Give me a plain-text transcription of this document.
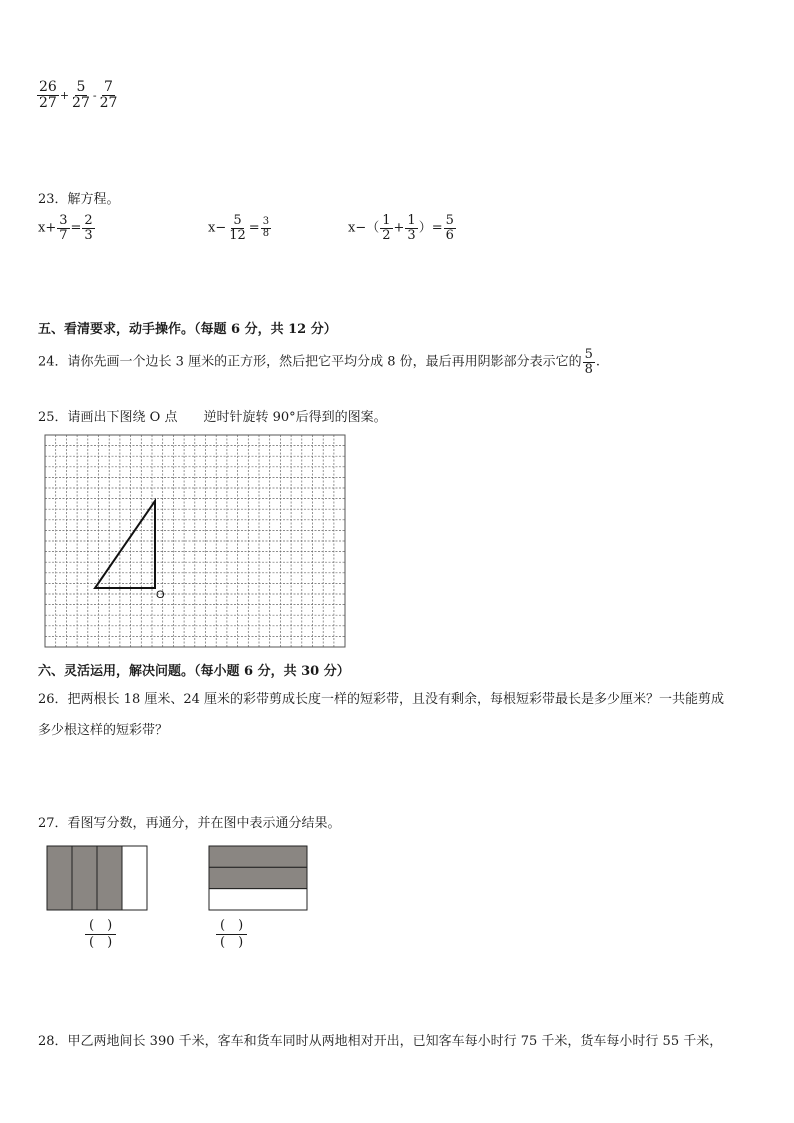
$\frac{26}{27} + \frac{5}{27} - \frac{7}{27}$
23．解方程。
$x+ \frac{3}{7} = \frac{2}{3}$	$x- \frac{5}{12} = \frac{3}{8}$	$x-( \frac{1}{2} + \frac{1}{3}$ ）= $\frac{5}{6}$
五、看清要求，动手操作。（每题 6 分，共 12 分）
24．请你先画一个边长 3 厘米的正方形，然后把它平均分成 8 份，最后再用阴影部分表示它的 $\frac{5}{8}$ .
25．请画出下图绕 O 点　　逆时针旋转 90°后得到的图案。
O
六、灵活运用，解决问题。（每小题 6 分，共 30 分）
26．把两根长 18 厘米、24 厘米的彩带剪成长度一样的短彩带，且没有剩余，每根短彩带最长是多少厘米？一共能剪成
多少根这样的短彩带？
27．看图写分数，再通分，并在图中表示通分结果。
(　)
(　)
(　)
(　)
28．甲乙两地间长 390 千米，客车和货车同时从两地相对开出，已知客车每小时行 75 千米，货车每小时行 55 千米，
